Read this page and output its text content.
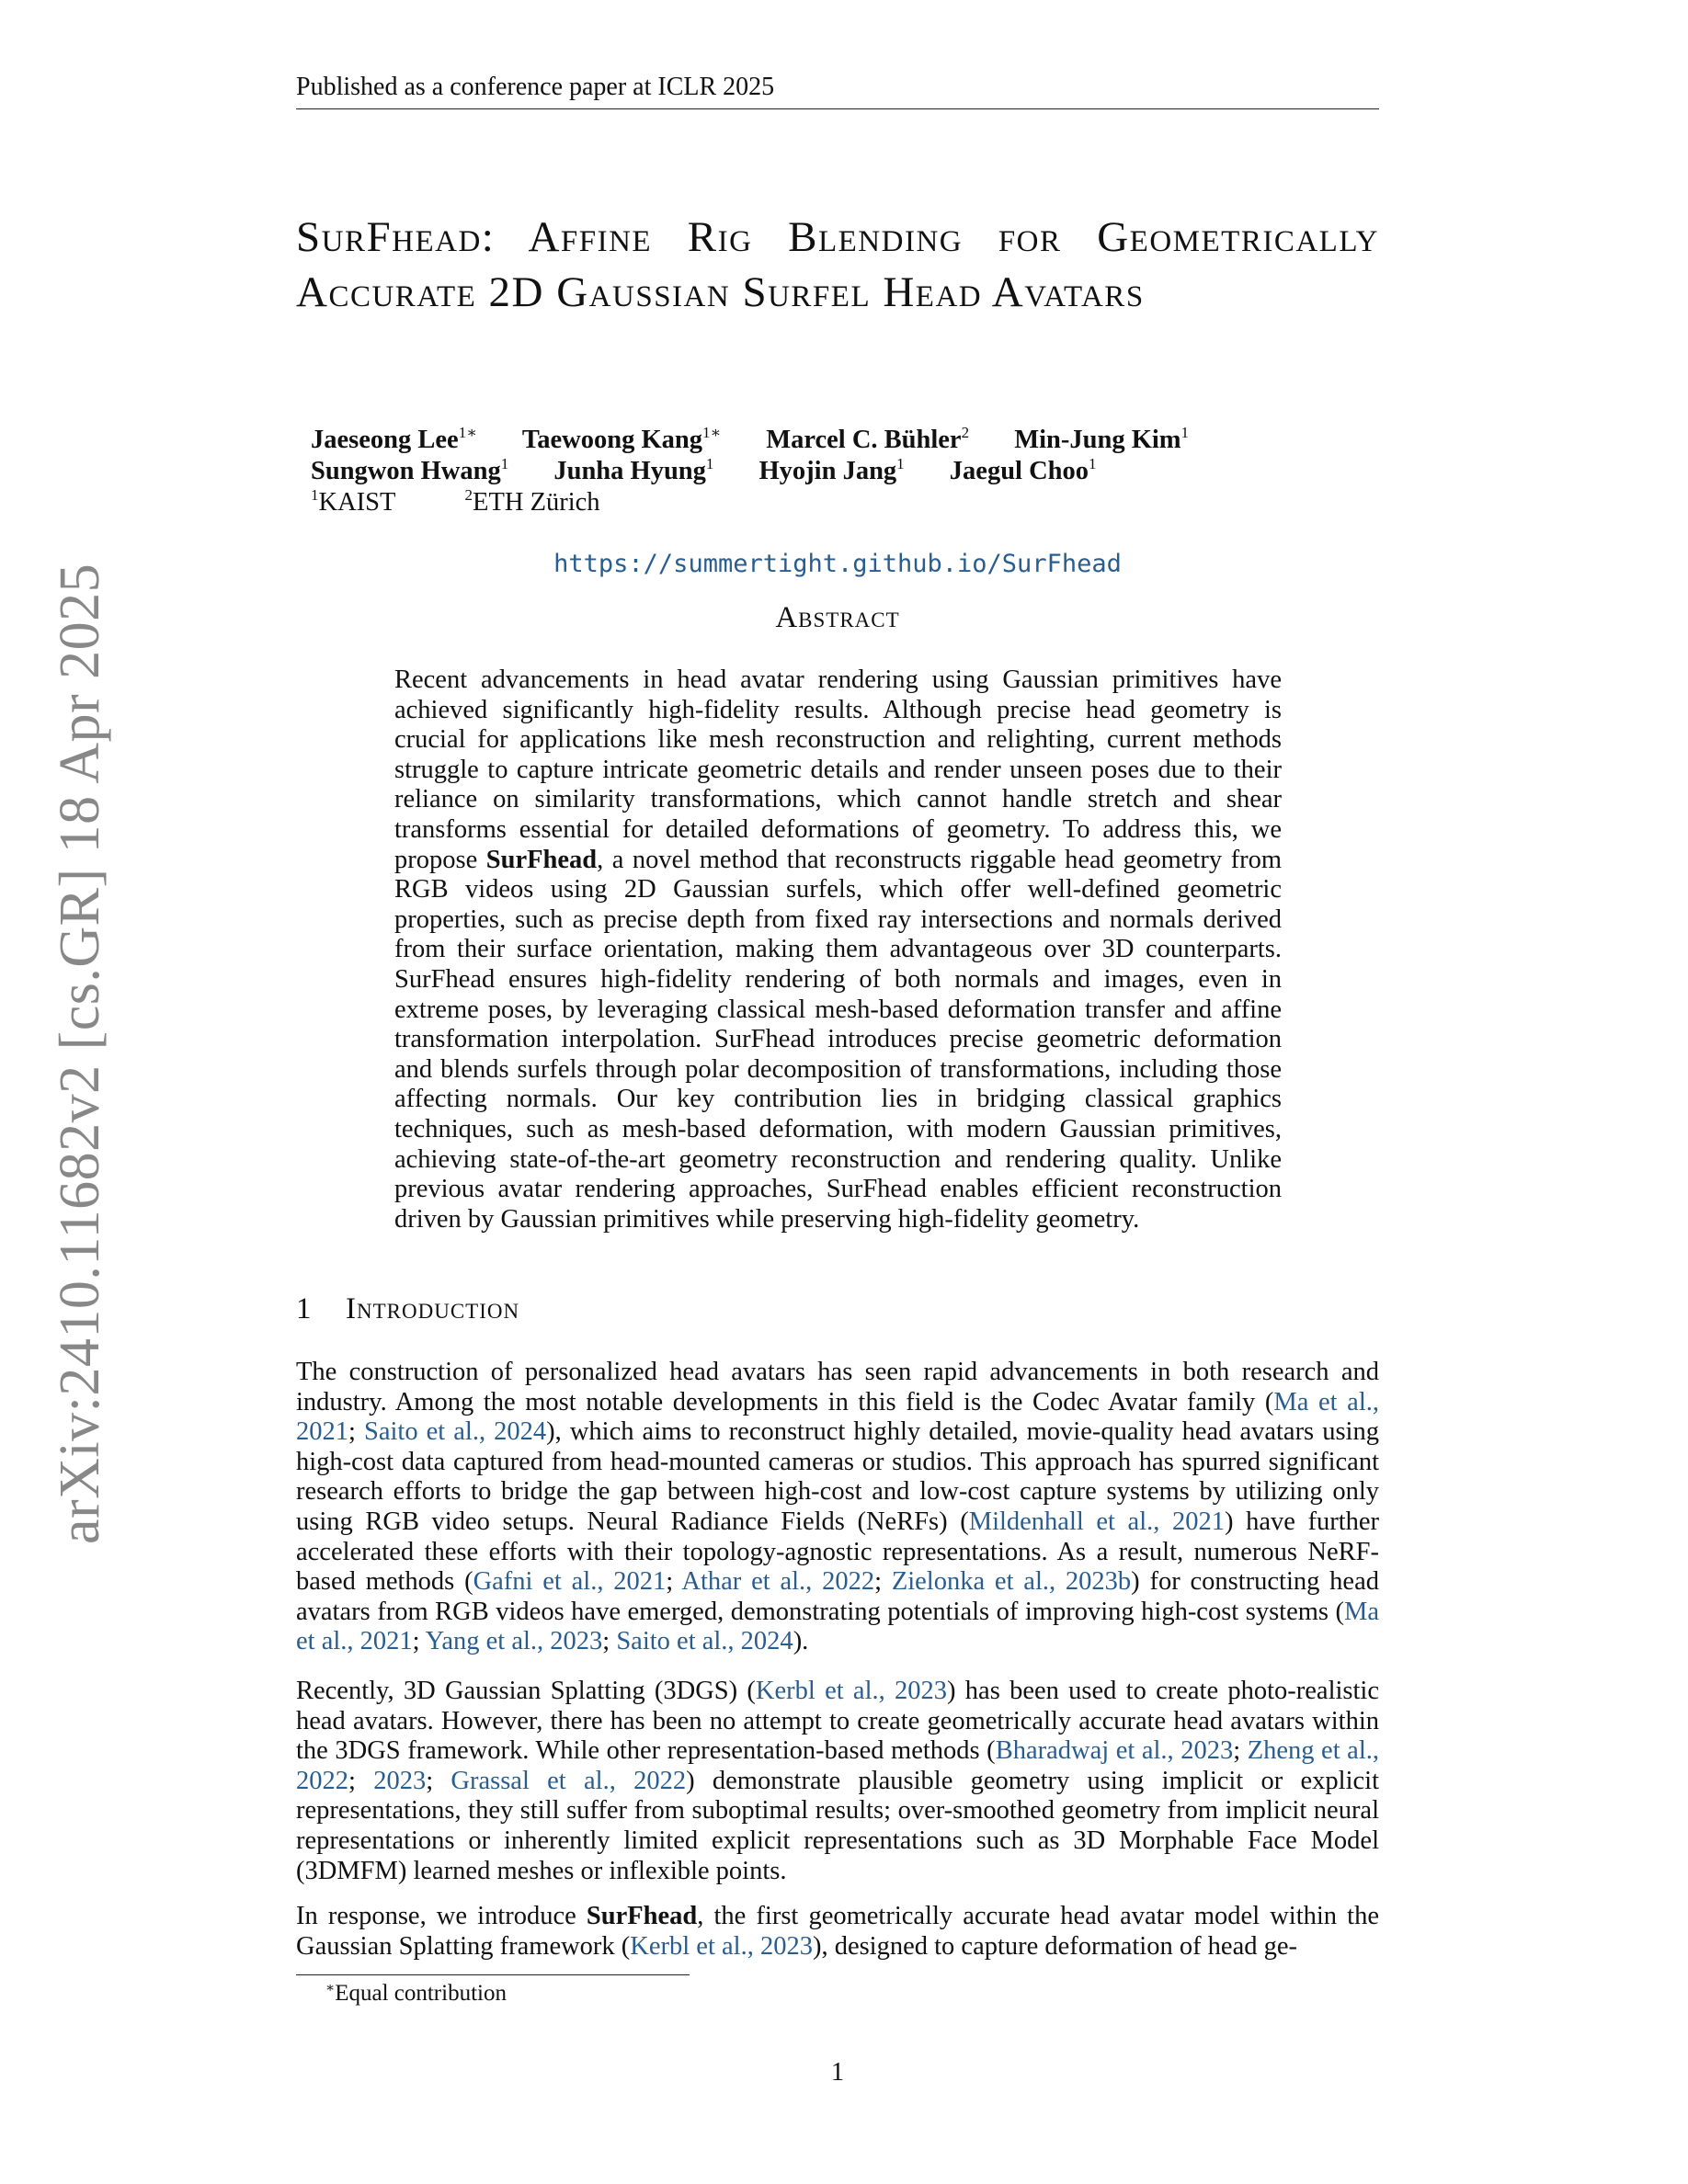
Published as a conference paper at ICLR 2025
arXiv:2410.11682v2 [cs.GR] 18 Apr 2025
SurFhead: Affine Rig Blending for Geometrically Accurate 2D Gaussian Surfel Head Avatars
Jaeseong Lee$^{1∗}$ Taewoong Kang$^{1∗}$ Marcel C. Bühler$^2$ Min-Jung Kim$^1$
Sungwon Hwang$^1$ Junha Hyung$^1$ Hyojin Jang$^1$ Jaegul Choo$^1$
$^1$KAIST	$^2$ETH Zürich
https://summertight.github.io/SurFhead
Abstract

Recent advancements in head avatar rendering using Gaussian primitives have achieved significantly high-fidelity results. Although precise head geometry is crucial for applications like mesh reconstruction and relighting, current methods struggle to capture intricate geometric details and render unseen poses due to their reliance on similarity transformations, which cannot handle stretch and shear transforms essential for detailed deformations of geometry. To address this, we propose SurFhead, a novel method that reconstructs riggable head geometry from RGB videos using 2D Gaussian surfels, which offer well-defined geometric properties, such as precise depth from fixed ray intersections and normals derived from their surface orientation, making them advantageous over 3D counterparts. SurFhead ensures high-fidelity rendering of both normals and images, even in extreme poses, by leveraging classical mesh-based deformation transfer and affine transformation interpolation. SurFhead introduces precise geometric deformation and blends surfels through polar decomposition of transformations, including those affecting normals. Our key contribution lies in bridging classical graphics techniques, such as mesh-based deformation, with modern Gaussian primitives, achieving state-of-the-art geometry reconstruction and rendering quality. Unlike previous avatar rendering approaches, SurFhead enables efficient reconstruction driven by Gaussian primitives while preserving high-fidelity geometry.

1 Introduction

The construction of personalized head avatars has seen rapid advancements in both research and industry. Among the most notable developments in this field is the Codec Avatar family (Ma et al., 2021; Saito et al., 2024), which aims to reconstruct highly detailed, movie-quality head avatars using high-cost data captured from head-mounted cameras or studios. This approach has spurred significant research efforts to bridge the gap between high-cost and low-cost capture systems by utilizing only using RGB video setups. Neural Radiance Fields (NeRFs) (Mildenhall et al., 2021) have further accelerated these efforts with their topology-agnostic representations. As a result, numerous NeRF-based methods (Gafni et al., 2021; Athar et al., 2022; Zielonka et al., 2023b) for constructing head avatars from RGB videos have emerged, demonstrating potentials of improving high-cost systems (Ma et al., 2021; Yang et al., 2023; Saito et al., 2024).

Recently, 3D Gaussian Splatting (3DGS) (Kerbl et al., 2023) has been used to create photo-realistic head avatars. However, there has been no attempt to create geometrically accurate head avatars within the 3DGS framework. While other representation-based methods (Bharadwaj et al., 2023; Zheng et al., 2022; 2023; Grassal et al., 2022) demonstrate plausible geometry using implicit or explicit representations, they still suffer from suboptimal results; over-smoothed geometry from implicit neural representations or inherently limited explicit representations such as 3D Morphable Face Model (3DMFM) learned meshes or inflexible points.

In response, we introduce SurFhead, the first geometrically accurate head avatar model within the Gaussian Splatting framework (Kerbl et al., 2023), designed to capture deformation of head ge-

∗Equal contribution
1
